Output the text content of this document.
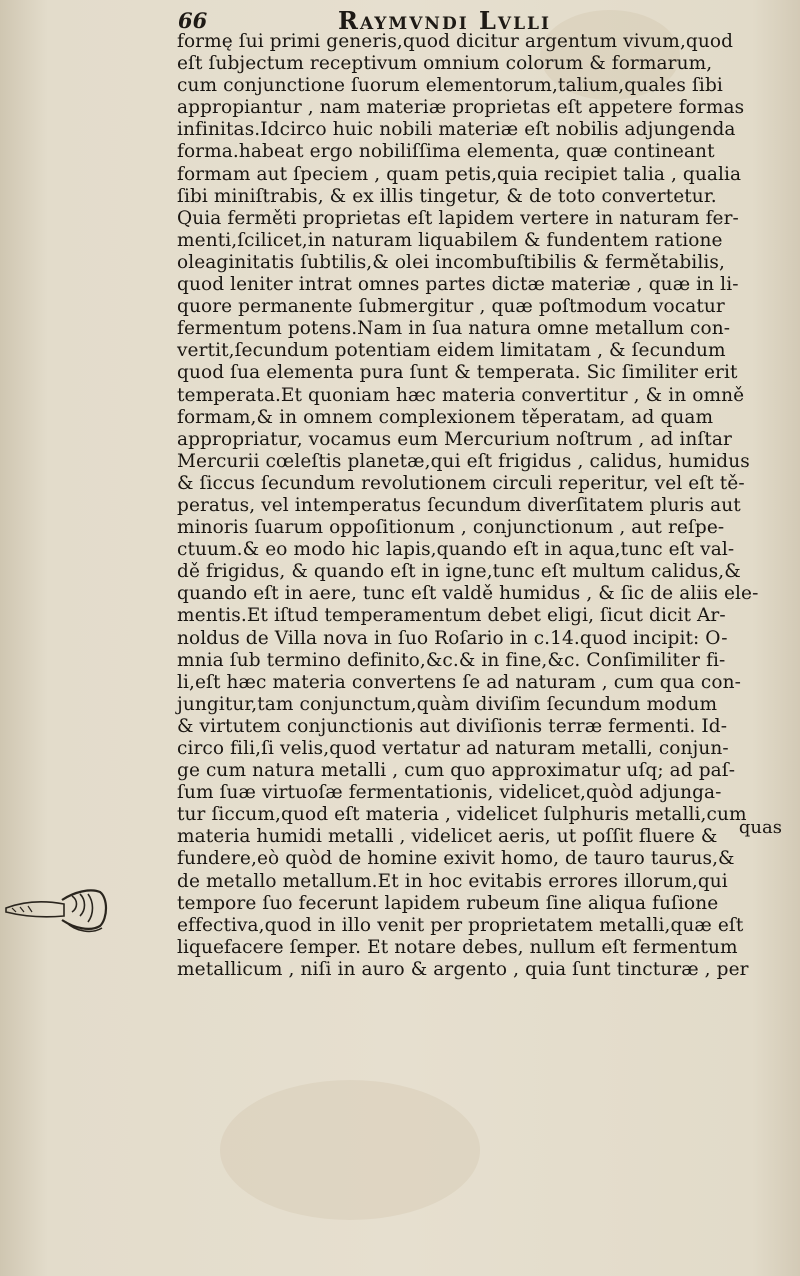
66	Raymvndi Lvlli
formę ſui primi generis,quod dicitur argentum vivum,quod
eſt ſubjectum receptivum omnium colorum & formarum,
cum conjunctione ſuorum elementorum,talium,quales ſibi
appropiantur , nam materiæ proprietas eſt appetere formas
infinitas.Idcirco huic nobili materiæ eſt nobilis adjungenda
forma.habeat ergo nobiliſſima elementa, quæ contineant
formam aut ſpeciem , quam petis,quia recipiet talia , qualia
ſibi miniſtrabis, & ex illis tingetur, & de toto convertetur.
Quia ferměti proprietas eſt lapidem vertere in naturam fer-
menti,ſcilicet,in naturam liquabilem & fundentem ratione
oleaginitatis ſubtilis,& olei incombuſtibilis & fermětabilis,
quod leniter intrat omnes partes dictæ materiæ , quæ in li-
quore permanente ſubmergitur , quæ poſtmodum vocatur
fermentum potens.Nam in ſua natura omne metallum con-
vertit,ſecundum potentiam eidem limitatam , & ſecundum
quod ſua elementa pura ſunt & temperata. Sic ſimiliter erit
temperata.Et quoniam hæc materia convertitur , & in omně
formam,& in omnem complexionem těperatam, ad quam
appropriatur, vocamus eum Mercurium noſtrum , ad inſtar
Mercurii cœleſtis planetæ,qui eſt frigidus , calidus, humidus
& ſiccus ſecundum revolutionem circuli reperitur, vel eſt tě-
peratus, vel intemperatus ſecundum diverſitatem pluris aut
minoris ſuarum oppoſitionum , conjunctionum , aut reſpe-
ctuum.& eo modo hic lapis,quando eſt in aqua,tunc eſt val-
dě frigidus, & quando eſt in igne,tunc eſt multum calidus,&
quando eſt in aere, tunc eſt valdě humidus , & ſic de aliis ele-
mentis.Et iſtud temperamentum debet eligi, ſicut dicit Ar-
noldus de Villa nova in ſuo Roſario in c.14.quod incipit: O-
mnia ſub termino definito,&c.& in fine,&c. Conſimiliter fi-
li,eſt hæc materia convertens ſe ad naturam , cum qua con-
jungitur,tam conjunctum,quàm diviſim ſecundum modum
& virtutem conjunctionis aut diviſionis terræ fermenti. Id-
circo fili,ſi velis,quod vertatur ad naturam metalli, conjun-
ge cum natura metalli , cum quo approximatur uſq; ad paſ-
ſum ſuæ virtuoſæ fermentationis, videlicet,quòd adjunga-
tur ſiccum,quod eſt materia , videlicet ſulphuris metalli,cum
materia humidi metalli , videlicet aeris, ut poſſit fluere &
fundere,eò quòd de homine exivit homo, de tauro taurus,&
de metallo metallum.Et in hoc evitabis errores illorum,qui
tempore ſuo fecerunt lapidem rubeum ſine aliqua fuſione
effectiva,quod in illo venit per proprietatem metalli,quæ eſt
liquefacere ſemper. Et notare debes, nullum eſt fermentum
metallicum , niſi in auro & argento , quia ſunt tincturæ , per
quas
